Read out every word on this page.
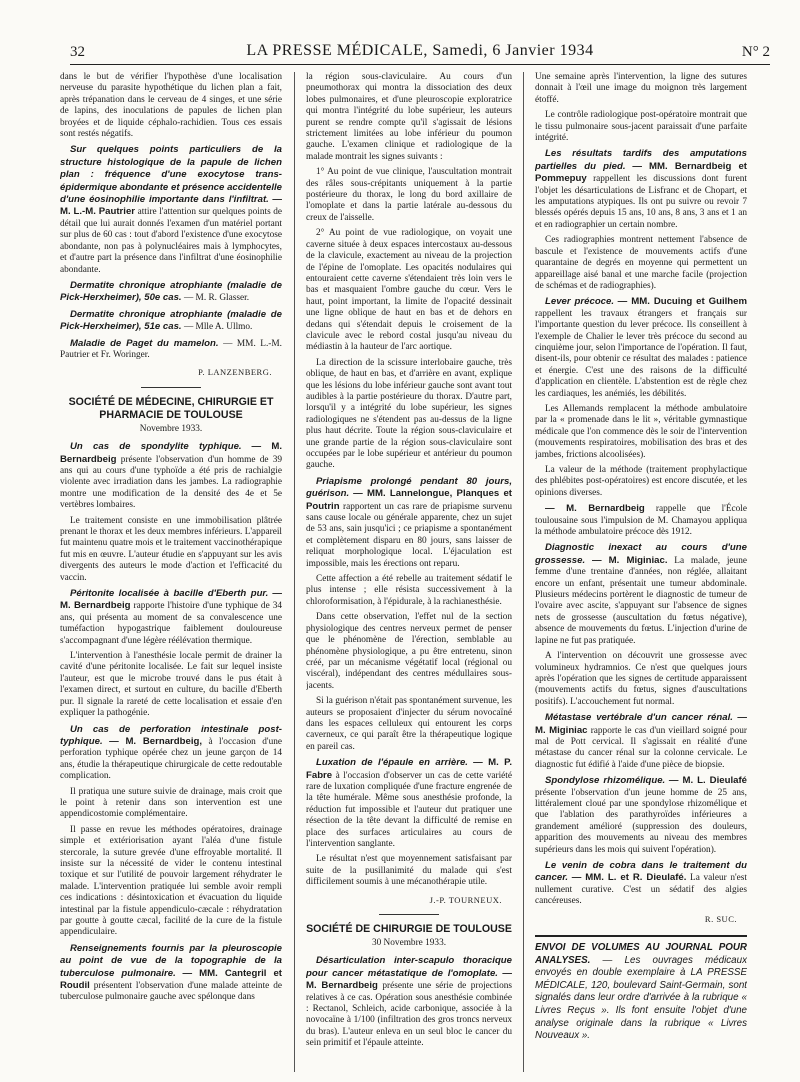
32	LA PRESSE MÉDICALE, Samedi, 6 Janvier 1934	N° 2

dans le but de vérifier l'hypothèse d'une localisation nerveuse du parasite hypothétique du lichen plan a fait, après trépanation dans le cerveau de 4 singes, et une série de lapins, des inoculations de papules de lichen plan broyées et de liquide céphalo-rachidien. Tous ces essais sont restés négatifs.

Sur quelques points particuliers de la structure histologique de la papule de lichen plan : fréquence d'une exocytose trans-épidermique abondante et présence accidentelle d'une éosinophilie importante dans l'infiltrat. — M. L.-M. Pautrier attire l'attention sur quelques points de détail que lui aurait donnés l'examen d'un matériel portant sur plus de 60 cas : tout d'abord l'existence d'une exocytose abondante, non pas à polynucléaires mais à lymphocytes, et d'autre part la présence dans l'infiltrat d'une éosinophilie abondante.

Dermatite chronique atrophiante (maladie de Pick-Herxheimer), 50e cas. — M. R. Glasser.

Dermatite chronique atrophiante (maladie de Pick-Herxheimer), 51e cas. — Mlle A. Ullmo.

Maladie de Paget du mamelon. — MM. L.-M. Pautrier et Fr. Woringer.

P. LANZENBERG.
SOCIÉTÉ DE MÉDECINE, CHIRURGIE ET PHARMACIE DE TOULOUSE
Novembre 1933.

Un cas de spondylite typhique. — M. Bernardbeig présente l'observation d'un homme de 39 ans qui au cours d'une typhoïde a été pris de rachialgie violente avec irradiation dans les jambes. La radiographie montre une modification de la densité des 4e et 5e vertèbres lombaires.

Le traitement consiste en une immobilisation plâtrée prenant le thorax et les deux membres inférieurs. L'appareil fut maintenu quatre mois et le traitement vaccinothérapique fut mis en œuvre. L'auteur étudie en s'appuyant sur les avis divergents des auteurs le mode d'action et l'efficacité du vaccin.

Péritonite localisée à bacille d'Eberth pur. — M. Bernardbeig rapporte l'histoire d'une typhique de 34 ans, qui présenta au moment de sa convalescence une tuméfaction hypogastrique faiblement douloureuse s'accompagnant d'une légère réélévation thermique.

L'intervention à l'anesthésie locale permit de drainer la cavité d'une péritonite localisée. Le fait sur lequel insiste l'auteur, est que le microbe trouvé dans le pus était à l'examen direct, et surtout en culture, du bacille d'Eberth pur. Il signale la rareté de cette localisation et essaie d'en expliquer la pathogénie.

Un cas de perforation intestinale post-typhique. — M. Bernardbeig, à l'occasion d'une perforation typhique opérée chez un jeune garçon de 14 ans, étudie la thérapeutique chirurgicale de cette redoutable complication.

Il pratiqua une suture suivie de drainage, mais croit que le point à retenir dans son intervention est une appendicostomie complémentaire.

Il passe en revue les méthodes opératoires, drainage simple et extériorisation ayant l'aléa d'une fistule stercorale, la suture grevée d'une effroyable mortalité. Il insiste sur la nécessité de vider le contenu intestinal toxique et sur l'utilité de pouvoir largement réhydrater le malade. L'intervention pratiquée lui semble avoir rempli ces indications : désintoxication et évacuation du liquide intestinal par la fistule appendiculo-cæcale : réhydratation par goutte à goutte cæcal, facilité de la cure de la fistule appendiculaire.

Renseignements fournis par la pleuroscopie au point de vue de la topographie de la tuberculose pulmonaire. — MM. Cantegril et Roudil présentent l'observation d'une malade atteinte de tuberculose pulmonaire gauche avec spélonque dans

la région sous-claviculaire. Au cours d'un pneumothorax qui montra la dissociation des deux lobes pulmonaires, et d'une pleuroscopie exploratrice qui montra l'intégrité du lobe supérieur, les auteurs purent se rendre compte qu'il s'agissait de lésions strictement limitées au lobe inférieur du poumon gauche. L'examen clinique et radiologique de la malade montrait les signes suivants :

1° Au point de vue clinique, l'auscultation montrait des râles sous-crépitants uniquement à la partie postérieure du thorax, le long du bord axillaire de l'omoplate et dans la partie latérale au-dessous du creux de l'aisselle.

2° Au point de vue radiologique, on voyait une caverne située à deux espaces intercostaux au-dessous de la clavicule, exactement au niveau de la projection de l'épine de l'omoplate. Les opacités nodulaires qui entouraient cette caverne s'étendaient très loin vers le bas et masquaient l'ombre gauche du cœur. Vers le haut, point important, la limite de l'opacité dessinait une ligne oblique de haut en bas et de dehors en dedans qui s'étendait depuis le croisement de la clavicule avec le rebord costal jusqu'au niveau du médiastin à la hauteur de l'arc aortique.

La direction de la scissure interlobaire gauche, très oblique, de haut en bas, et d'arrière en avant, explique que les lésions du lobe inférieur gauche sont avant tout audibles à la partie postérieure du thorax. D'autre part, lorsqu'il y a intégrité du lobe supérieur, les signes radiologiques ne s'étendent pas au-dessus de la ligne plus haut décrite. Toute la région sous-claviculaire et une grande partie de la région sous-claviculaire sont occupées par le lobe supérieur et antérieur du poumon gauche.

Priapisme prolongé pendant 80 jours, guérison. — MM. Lannelongue, Planques et Poutrin rapportent un cas rare de priapisme survenu sans cause locale ou générale apparente, chez un sujet de 53 ans, sain jusqu'ici ; ce priapisme a spontanément et complètement disparu en 80 jours, sans laisser de reliquat morphologique local. L'éjaculation est impossible, mais les érections ont reparu.

Cette affection a été rebelle au traitement sédatif le plus intense ; elle résista successivement à la chloroformisation, à l'épidurale, à la rachianesthésie.

Dans cette observation, l'effet nul de la section physiologique des centres nerveux permet de penser que le phénomène de l'érection, semblable au phénomène physiologique, a pu être entretenu, sinon créé, par un mécanisme végétatif local (régional ou viscéral), indépendant des centres médullaires sous-jacents.

Si la guérison n'était pas spontanément survenue, les auteurs se proposaient d'injecter du sérum novocaïné dans les espaces celluleux qui entourent les corps caverneux, ce qui paraît être la thérapeutique logique en pareil cas.

Luxation de l'épaule en arrière. — M. P. Fabre à l'occasion d'observer un cas de cette variété rare de luxation compliquée d'une fracture engrenée de la tête humérale. Même sous anesthésie profonde, la réduction fut impossible et l'auteur dut pratiquer une résection de la tête devant la difficulté de remise en place des surfaces articulaires au cours de l'intervention sanglante.

Le résultat n'est que moyennement satisfaisant par suite de la pusillanimité du malade qui s'est difficilement soumis à une mécanothérapie utile.

J.-P. TOURNEUX.
SOCIÉTÉ DE CHIRURGIE DE TOULOUSE
30 Novembre 1933.

Désarticulation inter-scapulo thoracique pour cancer métastatique de l'omoplate. — M. Bernardbeig présente une série de projections relatives à ce cas. Opération sous anesthésie combinée : Rectanol, Schleich, acide carbonique, associée à la novocaïne à 1/100 (infiltration des gros troncs nerveux du bras). L'auteur enleva en un seul bloc le cancer du sein primitif et l'épaule atteinte.

Une semaine après l'intervention, la ligne des sutures donnait à l'œil une image du moignon très largement étoffé.

Le contrôle radiologique post-opératoire montrait que le tissu pulmonaire sous-jacent paraissait d'une parfaite intégrité.

Les résultats tardifs des amputations partielles du pied. — MM. Bernardbeig et Pommepuy rappellent les discussions dont furent l'objet les désarticulations de Lisfranc et de Chopart, et les amputations atypiques. Ils ont pu suivre ou revoir 7 blessés opérés depuis 15 ans, 10 ans, 8 ans, 3 ans et 1 an et en radiographier un certain nombre.

Ces radiographies montrent nettement l'absence de bascule et l'existence de mouvements actifs d'une quarantaine de degrés en moyenne qui permettent un appareillage aisé banal et une marche facile (projection de schémas et de radiographies).

Lever précoce. — MM. Ducuing et Guilhem rappellent les travaux étrangers et français sur l'importante question du lever précoce. Ils conseillent à l'exemple de Chalier le lever très précoce du second au cinquième jour, selon l'importance de l'opération. Il faut, disent-ils, pour obtenir ce résultat des malades : patience et énergie. C'est une des raisons de la difficulté d'application en clientèle. L'abstention est de règle chez les cardiaques, les anémiés, les débilités.

Les Allemands remplacent la méthode ambulatoire par la « promenade dans le lit », véritable gymnastique médicale que l'on commence dès le soir de l'intervention (mouvements respiratoires, mobilisation des bras et des jambes, frictions alcoolisées).

La valeur de la méthode (traitement prophylactique des phlébites post-opératoires) est encore discutée, et les opinions diverses.

— M. Bernardbeig rappelle que l'École toulousaine sous l'impulsion de M. Chamayou appliqua la méthode ambulatoire précoce dès 1912.

Diagnostic inexact au cours d'une grossesse. — M. Miginiac. La malade, jeune femme d'une trentaine d'années, non réglée, allaitant encore un enfant, présentait une tumeur abdominale. Plusieurs médecins portèrent le diagnostic de tumeur de l'ovaire avec ascite, s'appuyant sur l'absence de signes nets de grossesse (auscultation du fœtus négative), absence de mouvements du fœtus. L'injection d'urine de lapine ne fut pas pratiquée.

A l'intervention on découvrit une grossesse avec volumineux hydramnios. Ce n'est que quelques jours après l'opération que les signes de certitude apparaissent (mouvements actifs du fœtus, signes d'auscultations positifs). L'accouchement fut normal.

Métastase vertébrale d'un cancer rénal. — M. Miginiac rapporte le cas d'un vieillard soigné pour mal de Pott cervical. Il s'agissait en réalité d'une métastase du cancer rénal sur la colonne cervicale. Le diagnostic fut édifié à l'aide d'une pièce de biopsie.

Spondylose rhizomélique. — M. L. Dieulafé présente l'observation d'un jeune homme de 25 ans, littéralement cloué par une spondylose rhizomélique et que l'ablation des parathyroïdes inférieures a grandement amélioré (suppression des douleurs, apparition des mouvements au niveau des membres supérieurs dans les mois qui suivent l'opération).

Le venin de cobra dans le traitement du cancer. — MM. L. et R. Dieulafé. La valeur n'est nullement curative. C'est un sédatif des algies cancéreuses.

R. SUC.

ENVOI DE VOLUMES AU JOURNAL POUR ANALYSES. — Les ouvrages médicaux envoyés en double exemplaire à LA PRESSE MÉDICALE, 120, boulevard Saint-Germain, sont signalés dans leur ordre d'arrivée à la rubrique « Livres Reçus ». Ils font ensuite l'objet d'une analyse originale dans la rubrique « Livres Nouveaux ».
